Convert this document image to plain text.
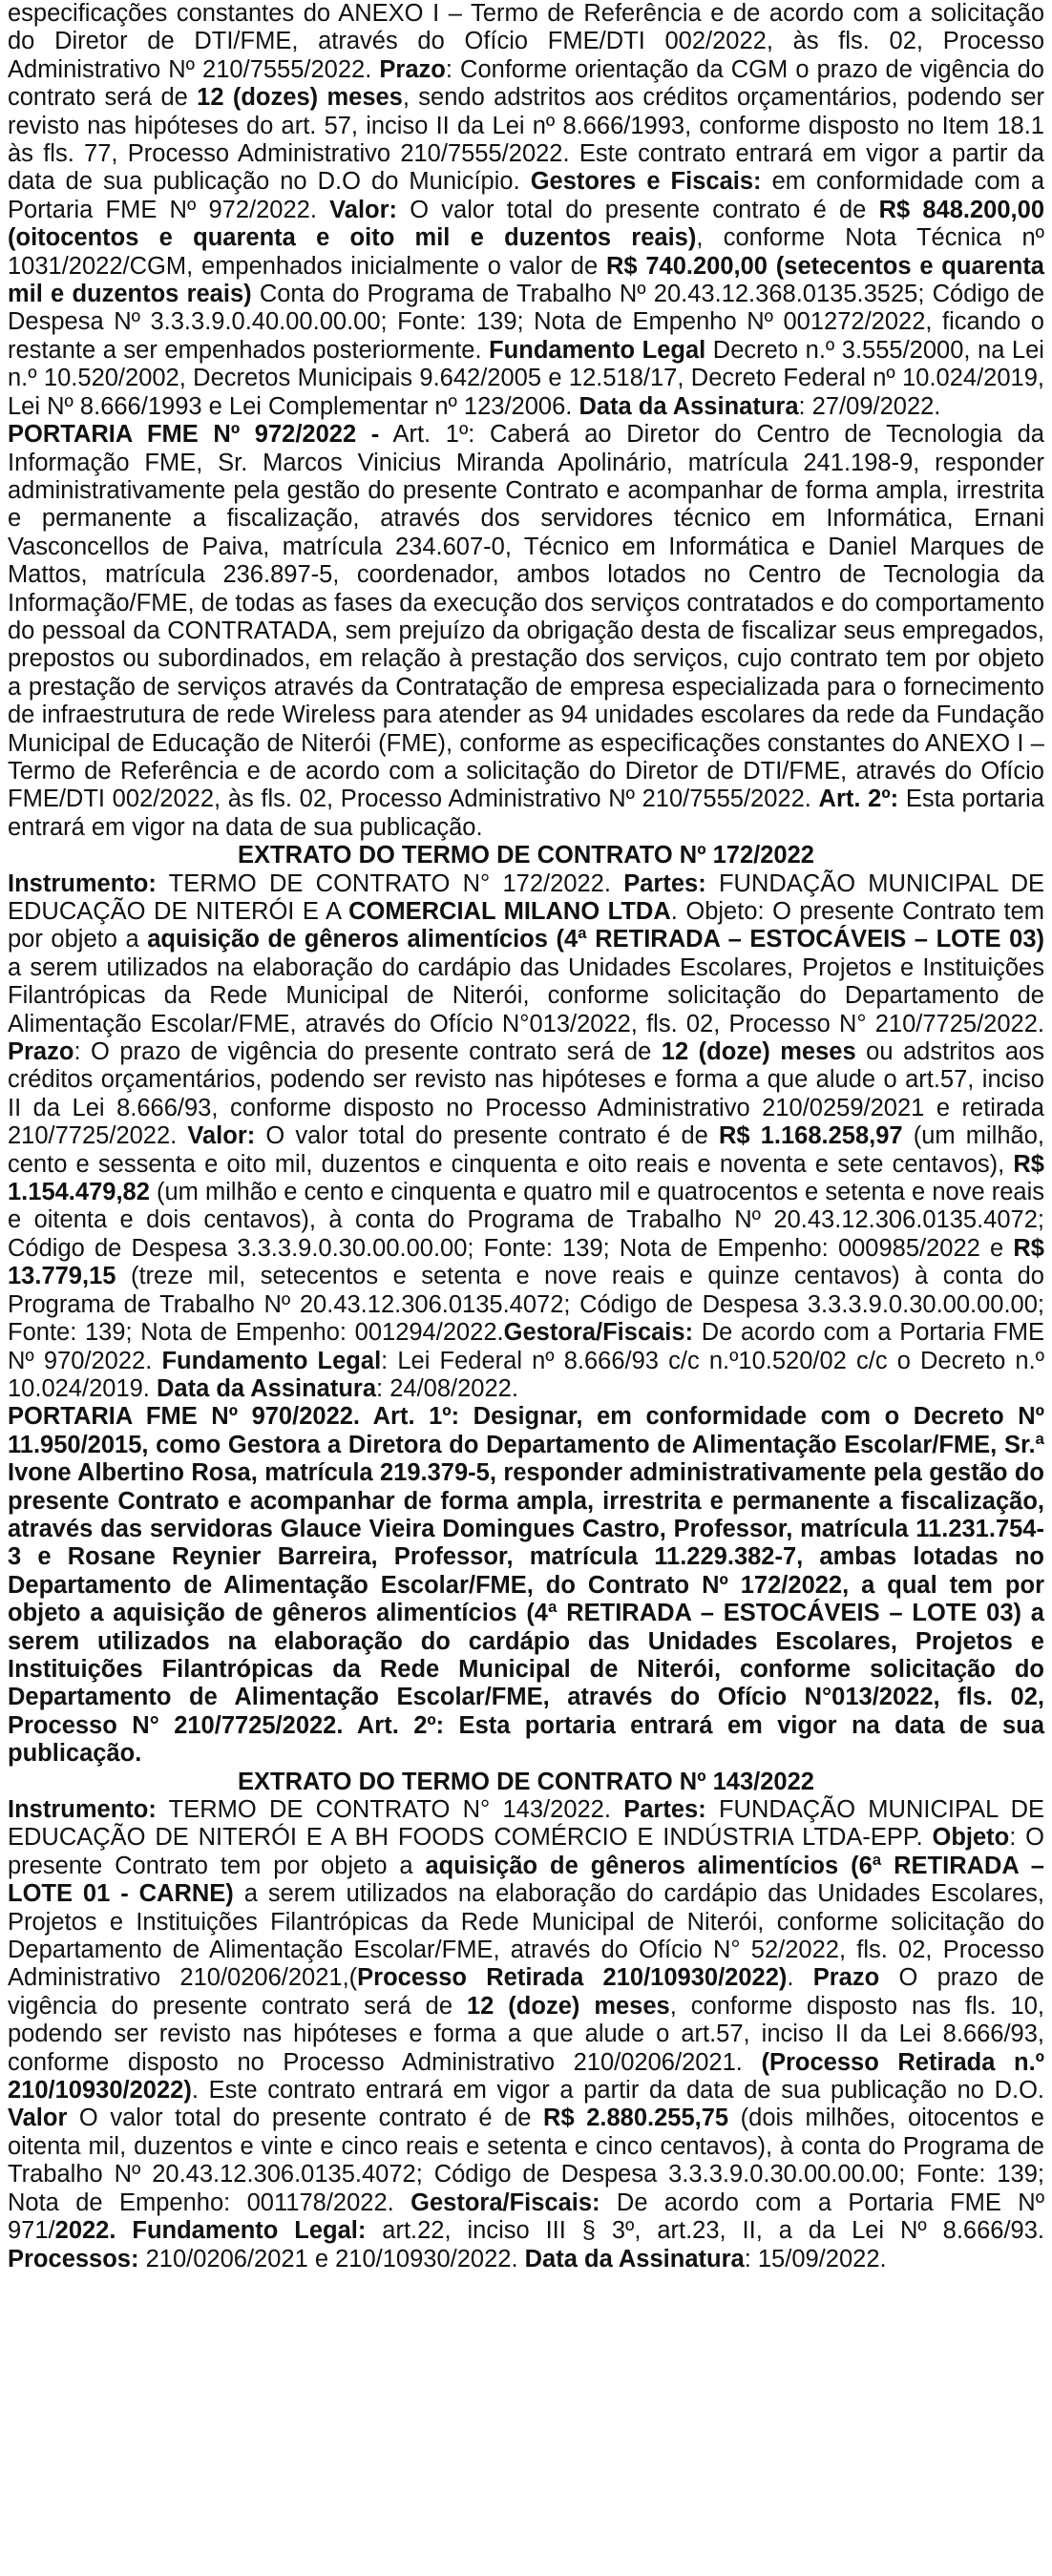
especificações constantes do ANEXO I – Termo de Referência e de acordo com a solicitação do Diretor de DTI/FME, através do Ofício FME/DTI 002/2022, às fls. 02, Processo Administrativo Nº 210/7555/2022. Prazo: Conforme orientação da CGM o prazo de vigência do contrato será de 12 (dozes) meses, sendo adstritos aos créditos orçamentários, podendo ser revisto nas hipóteses do art. 57, inciso II da Lei nº 8.666/1993, conforme disposto no Item 18.1 às fls. 77, Processo Administrativo 210/7555/2022. Este contrato entrará em vigor a partir da data de sua publicação no D.O do Município. Gestores e Fiscais: em conformidade com a Portaria FME Nº 972/2022. Valor: O valor total do presente contrato é de R$ 848.200,00 (oitocentos e quarenta e oito mil e duzentos reais), conforme Nota Técnica nº 1031/2022/CGM, empenhados inicialmente o valor de R$ 740.200,00 (setecentos e quarenta mil e duzentos reais) Conta do Programa de Trabalho Nº 20.43.12.368.0135.3525; Código de Despesa Nº 3.3.3.9.0.40.00.00.00; Fonte: 139; Nota de Empenho Nº 001272/2022, ficando o restante a ser empenhados posteriormente. Fundamento Legal Decreto n.º 3.555/2000, na Lei n.º 10.520/2002, Decretos Municipais 9.642/2005 e 12.518/17, Decreto Federal nº 10.024/2019, Lei Nº 8.666/1993 e Lei Complementar nº 123/2006. Data da Assinatura: 27/09/2022.

PORTARIA FME Nº 972/2022 - Art. 1º: Caberá ao Diretor do Centro de Tecnologia da Informação FME, Sr. Marcos Vinicius Miranda Apolinário, matrícula 241.198-9, responder administrativamente pela gestão do presente Contrato e acompanhar de forma ampla, irrestrita e permanente a fiscalização, através dos servidores técnico em Informática, Ernani Vasconcellos de Paiva, matrícula 234.607-0, Técnico em Informática e Daniel Marques de Mattos, matrícula 236.897-5, coordenador, ambos lotados no Centro de Tecnologia da Informação/FME, de todas as fases da execução dos serviços contratados e do comportamento do pessoal da CONTRATADA, sem prejuízo da obrigação desta de fiscalizar seus empregados, prepostos ou subordinados, em relação à prestação dos serviços, cujo contrato tem por objeto a prestação de serviços através da Contratação de empresa especializada para o fornecimento de infraestrutura de rede Wireless para atender as 94 unidades escolares da rede da Fundação Municipal de Educação de Niterói (FME), conforme as especificações constantes do ANEXO I – Termo de Referência e de acordo com a solicitação do Diretor de DTI/FME, através do Ofício FME/DTI 002/2022, às fls. 02, Processo Administrativo Nº 210/7555/2022. Art. 2º: Esta portaria entrará em vigor na data de sua publicação.

EXTRATO DO TERMO DE CONTRATO Nº 172/2022

Instrumento: TERMO DE CONTRATO N° 172/2022. Partes: FUNDAÇÃO MUNICIPAL DE EDUCAÇÃO DE NITERÓI E A COMERCIAL MILANO LTDA. Objeto: O presente Contrato tem por objeto a aquisição de gêneros alimentícios (4ª RETIRADA – ESTOCÁVEIS – LOTE 03) a serem utilizados na elaboração do cardápio das Unidades Escolares, Projetos e Instituições Filantrópicas da Rede Municipal de Niterói, conforme solicitação do Departamento de Alimentação Escolar/FME, através do Ofício N°013/2022, fls. 02, Processo N° 210/7725/2022. Prazo: O prazo de vigência do presente contrato será de 12 (doze) meses ou adstritos aos créditos orçamentários, podendo ser revisto nas hipóteses e forma a que alude o art.57, inciso II da Lei 8.666/93, conforme disposto no Processo Administrativo 210/0259/2021 e retirada 210/7725/2022. Valor: O valor total do presente contrato é de R$ 1.168.258,97 (um milhão, cento e sessenta e oito mil, duzentos e cinquenta e oito reais e noventa e sete centavos), R$ 1.154.479,82 (um milhão e cento e cinquenta e quatro mil e quatrocentos e setenta e nove reais e oitenta e dois centavos), à conta do Programa de Trabalho Nº 20.43.12.306.0135.4072; Código de Despesa 3.3.3.9.0.30.00.00.00; Fonte: 139; Nota de Empenho: 000985/2022 e R$ 13.779,15 (treze mil, setecentos e setenta e nove reais e quinze centavos) à conta do Programa de Trabalho Nº 20.43.12.306.0135.4072; Código de Despesa 3.3.3.9.0.30.00.00.00; Fonte: 139; Nota de Empenho: 001294/2022.Gestora/Fiscais: De acordo com a Portaria FME Nº 970/2022. Fundamento Legal: Lei Federal nº 8.666/93 c/c n.º10.520/02 c/c o Decreto n.º 10.024/2019. Data da Assinatura: 24/08/2022.

PORTARIA FME Nº 970/2022. Art. 1º: Designar, em conformidade com o Decreto Nº 11.950/2015, como Gestora a Diretora do Departamento de Alimentação Escolar/FME, Sr.ª Ivone Albertino Rosa, matrícula 219.379-5, responder administrativamente pela gestão do presente Contrato e acompanhar de forma ampla, irrestrita e permanente a fiscalização, através das servidoras Glauce Vieira Domingues Castro, Professor, matrícula 11.231.754-3 e Rosane Reynier Barreira, Professor, matrícula 11.229.382-7, ambas lotadas no Departamento de Alimentação Escolar/FME, do Contrato Nº 172/2022, a qual tem por objeto a aquisição de gêneros alimentícios (4ª RETIRADA – ESTOCÁVEIS – LOTE 03) a serem utilizados na elaboração do cardápio das Unidades Escolares, Projetos e Instituições Filantrópicas da Rede Municipal de Niterói, conforme solicitação do Departamento de Alimentação Escolar/FME, através do Ofício N°013/2022, fls. 02, Processo N° 210/7725/2022. Art. 2º: Esta portaria entrará em vigor na data de sua publicação.

EXTRATO DO TERMO DE CONTRATO Nº 143/2022

Instrumento: TERMO DE CONTRATO N° 143/2022. Partes: FUNDAÇÃO MUNICIPAL DE EDUCAÇÃO DE NITERÓI E A BH FOODS COMÉRCIO E INDÚSTRIA LTDA-EPP. Objeto: O presente Contrato tem por objeto a aquisição de gêneros alimentícios (6ª RETIRADA – LOTE 01 - CARNE) a serem utilizados na elaboração do cardápio das Unidades Escolares, Projetos e Instituições Filantrópicas da Rede Municipal de Niterói, conforme solicitação do Departamento de Alimentação Escolar/FME, através do Ofício N° 52/2022, fls. 02, Processo Administrativo 210/0206/2021,(Processo Retirada 210/10930/2022). Prazo O prazo de vigência do presente contrato será de 12 (doze) meses, conforme disposto nas fls. 10, podendo ser revisto nas hipóteses e forma a que alude o art.57, inciso II da Lei 8.666/93, conforme disposto no Processo Administrativo 210/0206/2021. (Processo Retirada n.º 210/10930/2022). Este contrato entrará em vigor a partir da data de sua publicação no D.O. Valor O valor total do presente contrato é de R$ 2.880.255,75 (dois milhões, oitocentos e oitenta mil, duzentos e vinte e cinco reais e setenta e cinco centavos), à conta do Programa de Trabalho Nº 20.43.12.306.0135.4072; Código de Despesa 3.3.3.9.0.30.00.00.00; Fonte: 139; Nota de Empenho: 001178/2022. Gestora/Fiscais: De acordo com a Portaria FME Nº 971/2022. Fundamento Legal: art.22, inciso III § 3º, art.23, II, a da Lei Nº 8.666/93. Processos: 210/0206/2021 e 210/10930/2022. Data da Assinatura: 15/09/2022.
